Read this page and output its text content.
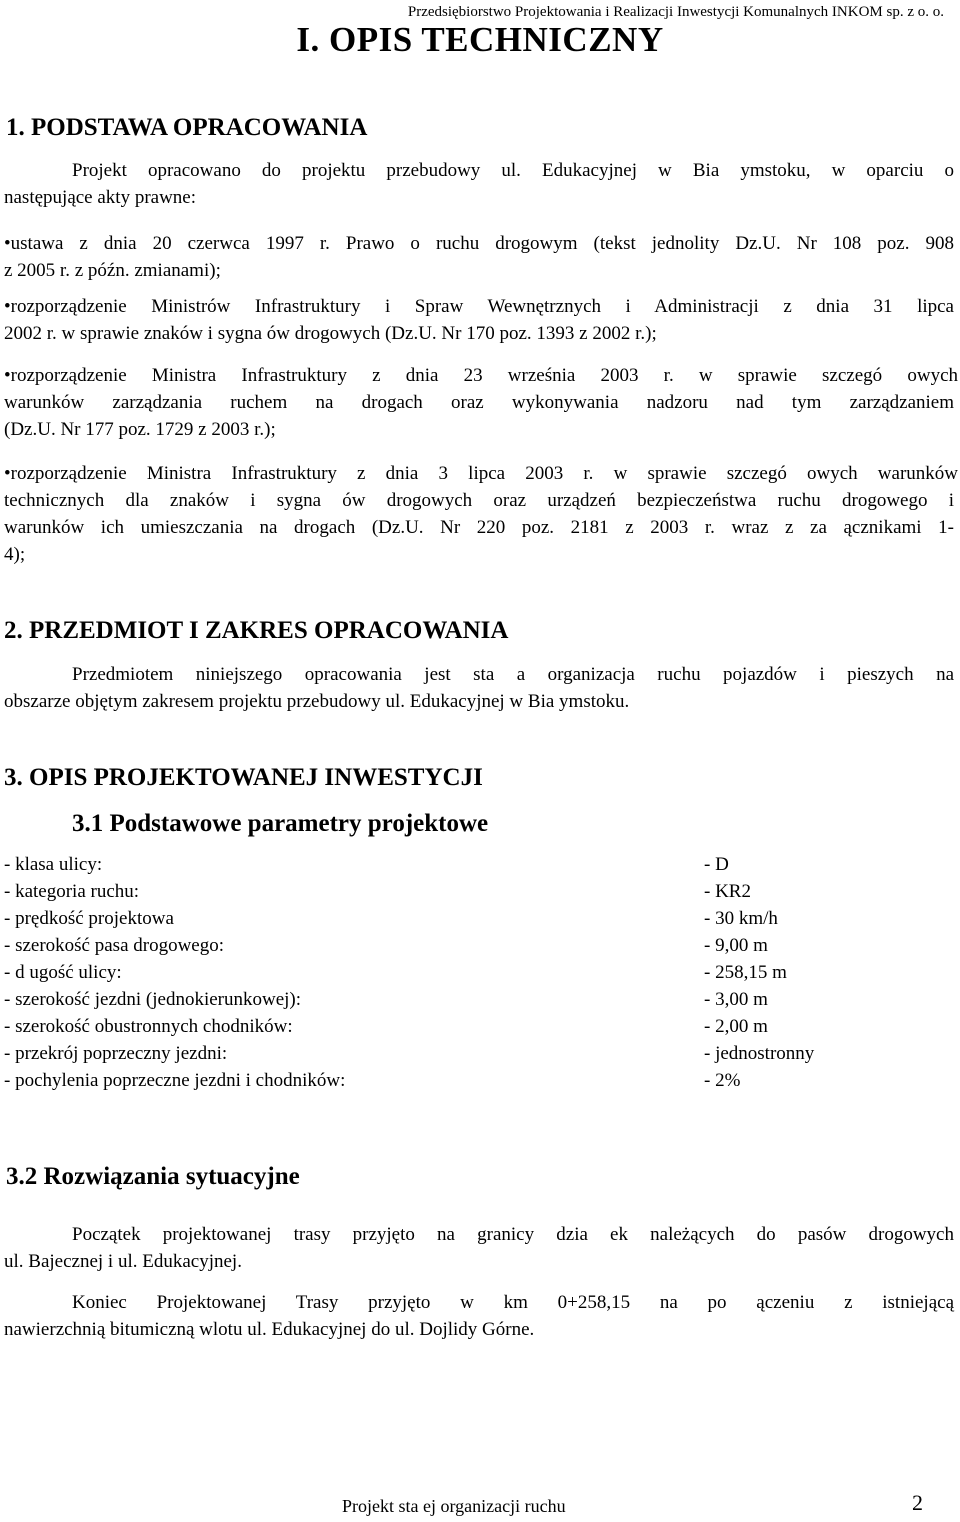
Przedsiębiorstwo Projektowania i Realizacji Inwestycji Komunalnych INKOM sp. z o. o.
I. OPIS TECHNICZNY
1. PODSTAWA OPRACOWANIA
Projekt opracowano do projektu przebudowy ul. Edukacyjnej w Bia ymstoku, w oparciu o
następujące akty prawne:
•ustawa z dnia 20 czerwca 1997 r. Prawo o ruchu drogowym (tekst jednolity Dz.U. Nr 108 poz. 908
z 2005 r. z późn. zmianami);
•rozporządzenie Ministrów Infrastruktury i Spraw Wewnętrznych i Administracji z dnia 31 lipca
2002 r. w sprawie znaków i sygna ów drogowych (Dz.U. Nr 170 poz. 1393 z 2002 r.);
•rozporządzenie Ministra Infrastruktury z dnia 23 września 2003 r. w sprawie szczegó owych
warunków zarządzania ruchem na drogach oraz wykonywania nadzoru nad tym zarządzaniem
(Dz.U. Nr 177 poz. 1729 z 2003 r.);
•rozporządzenie Ministra Infrastruktury z dnia 3 lipca 2003 r. w sprawie szczegó owych warunków
technicznych dla znaków i sygna ów drogowych oraz urządzeń bezpieczeństwa ruchu drogowego i
warunków ich umieszczania na drogach (Dz.U. Nr 220 poz. 2181 z 2003 r. wraz z za ącznikami 1-
4);
2. PRZEDMIOT I ZAKRES OPRACOWANIA
Przedmiotem niniejszego opracowania jest sta a organizacja ruchu pojazdów i pieszych na
obszarze objętym zakresem projektu przebudowy ul. Edukacyjnej w Bia ymstoku.
3. OPIS PROJEKTOWANEJ INWESTYCJI
3.1 Podstawowe parametry projektowe
- klasa ulicy:	- D
- kategoria ruchu:	- KR2
- prędkość projektowa	- 30 km/h
- szerokość pasa drogowego:	- 9,00 m
- d ugość ulicy:	- 258,15 m
- szerokość jezdni (jednokierunkowej):	- 3,00 m
- szerokość obustronnych chodników:	- 2,00 m
- przekrój poprzeczny jezdni:	- jednostronny
- pochylenia poprzeczne jezdni i chodników:	- 2%
3.2 Rozwiązania sytuacyjne
Początek projektowanej trasy przyjęto na granicy dzia ek należących do pasów drogowych
ul. Bajecznej i ul. Edukacyjnej.
Koniec Projektowanej Trasy przyjęto w km 0+258,15 na po ączeniu z istniejącą
nawierzchnią bitumiczną wlotu ul. Edukacyjnej do ul. Dojlidy Górne.
Projekt sta ej organizacji ruchu	2
